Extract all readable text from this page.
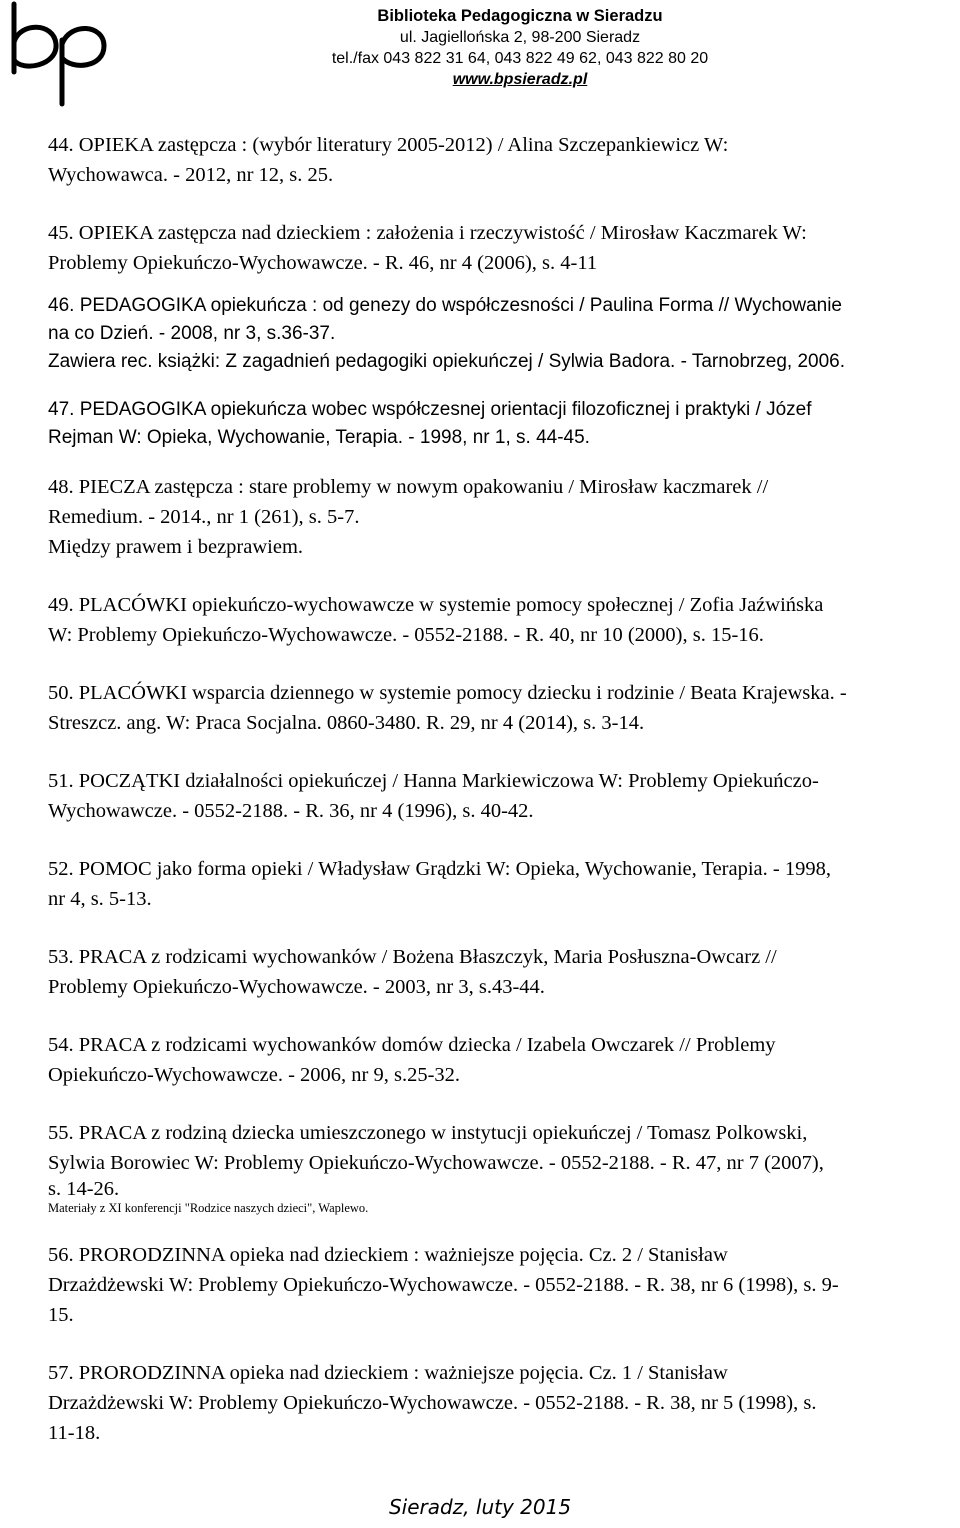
Biblioteka Pedagogiczna w Sieradzu
ul. Jagiellońska 2, 98-200 Sieradz
tel./fax 043 822 31 64, 043 822 49 62, 043 822 80 20
www.bpsieradz.pl

44. OPIEKA zastępcza : (wybór literatury 2005-2012) / Alina Szczepankiewicz W:

Wychowawca. - 2012, nr 12, s. 25.

45. OPIEKA zastępcza nad dzieckiem : założenia i rzeczywistość / Mirosław Kaczmarek W:

Problemy Opiekuńczo-Wychowawcze. - R. 46, nr 4 (2006), s. 4-11

46. PEDAGOGIKA opiekuńcza : od genezy do współczesności / Paulina Forma // Wychowanie

na co Dzień. - 2008, nr 3, s.36-37.

Zawiera rec. książki: Z zagadnień pedagogiki opiekuńczej / Sylwia Badora. - Tarnobrzeg, 2006.

47. PEDAGOGIKA opiekuńcza wobec współczesnej orientacji filozoficznej i praktyki / Józef

Rejman W: Opieka, Wychowanie, Terapia. - 1998, nr 1, s. 44-45.

48. PIECZA zastępcza : stare problemy w nowym opakowaniu / Mirosław kaczmarek //

Remedium. - 2014., nr 1 (261), s. 5-7.

Między prawem i bezprawiem.

49. PLACÓWKI opiekuńczo-wychowawcze w systemie pomocy społecznej / Zofia Jaźwińska

W: Problemy Opiekuńczo-Wychowawcze. - 0552-2188. - R. 40, nr 10 (2000), s. 15-16.

50. PLACÓWKI wsparcia dziennego w systemie pomocy dziecku i rodzinie / Beata Krajewska. -

Streszcz. ang. W: Praca Socjalna. 0860-3480. R. 29, nr 4 (2014), s. 3-14.

51. POCZĄTKI działalności opiekuńczej / Hanna Markiewiczowa W: Problemy Opiekuńczo-

Wychowawcze. - 0552-2188. - R. 36, nr 4 (1996), s. 40-42.

52. POMOC jako forma opieki / Władysław Grądzki W: Opieka, Wychowanie, Terapia. - 1998,

nr 4, s. 5-13.

53. PRACA z rodzicami wychowanków / Bożena Błaszczyk, Maria Posłuszna-Owcarz //

Problemy Opiekuńczo-Wychowawcze. - 2003, nr 3, s.43-44.

54. PRACA z rodzicami wychowanków domów dziecka / Izabela Owczarek // Problemy

Opiekuńczo-Wychowawcze. - 2006, nr 9, s.25-32.

55. PRACA z rodziną dziecka umieszczonego w instytucji opiekuńczej / Tomasz Polkowski,

Sylwia Borowiec W: Problemy Opiekuńczo-Wychowawcze. - 0552-2188. - R. 47, nr 7 (2007),

s. 14-26.

Materiały z XI konferencji "Rodzice naszych dzieci", Waplewo.

56. PRORODZINNA opieka nad dzieckiem : ważniejsze pojęcia. Cz. 2 / Stanisław

Drzażdżewski W: Problemy Opiekuńczo-Wychowawcze. - 0552-2188. - R. 38, nr 6 (1998), s. 9-

15.

57. PRORODZINNA opieka nad dzieckiem : ważniejsze pojęcia. Cz. 1 / Stanisław

Drzażdżewski W: Problemy Opiekuńczo-Wychowawcze. - 0552-2188. - R. 38, nr 5 (1998), s.

11-18.

Sieradz, luty 2015
